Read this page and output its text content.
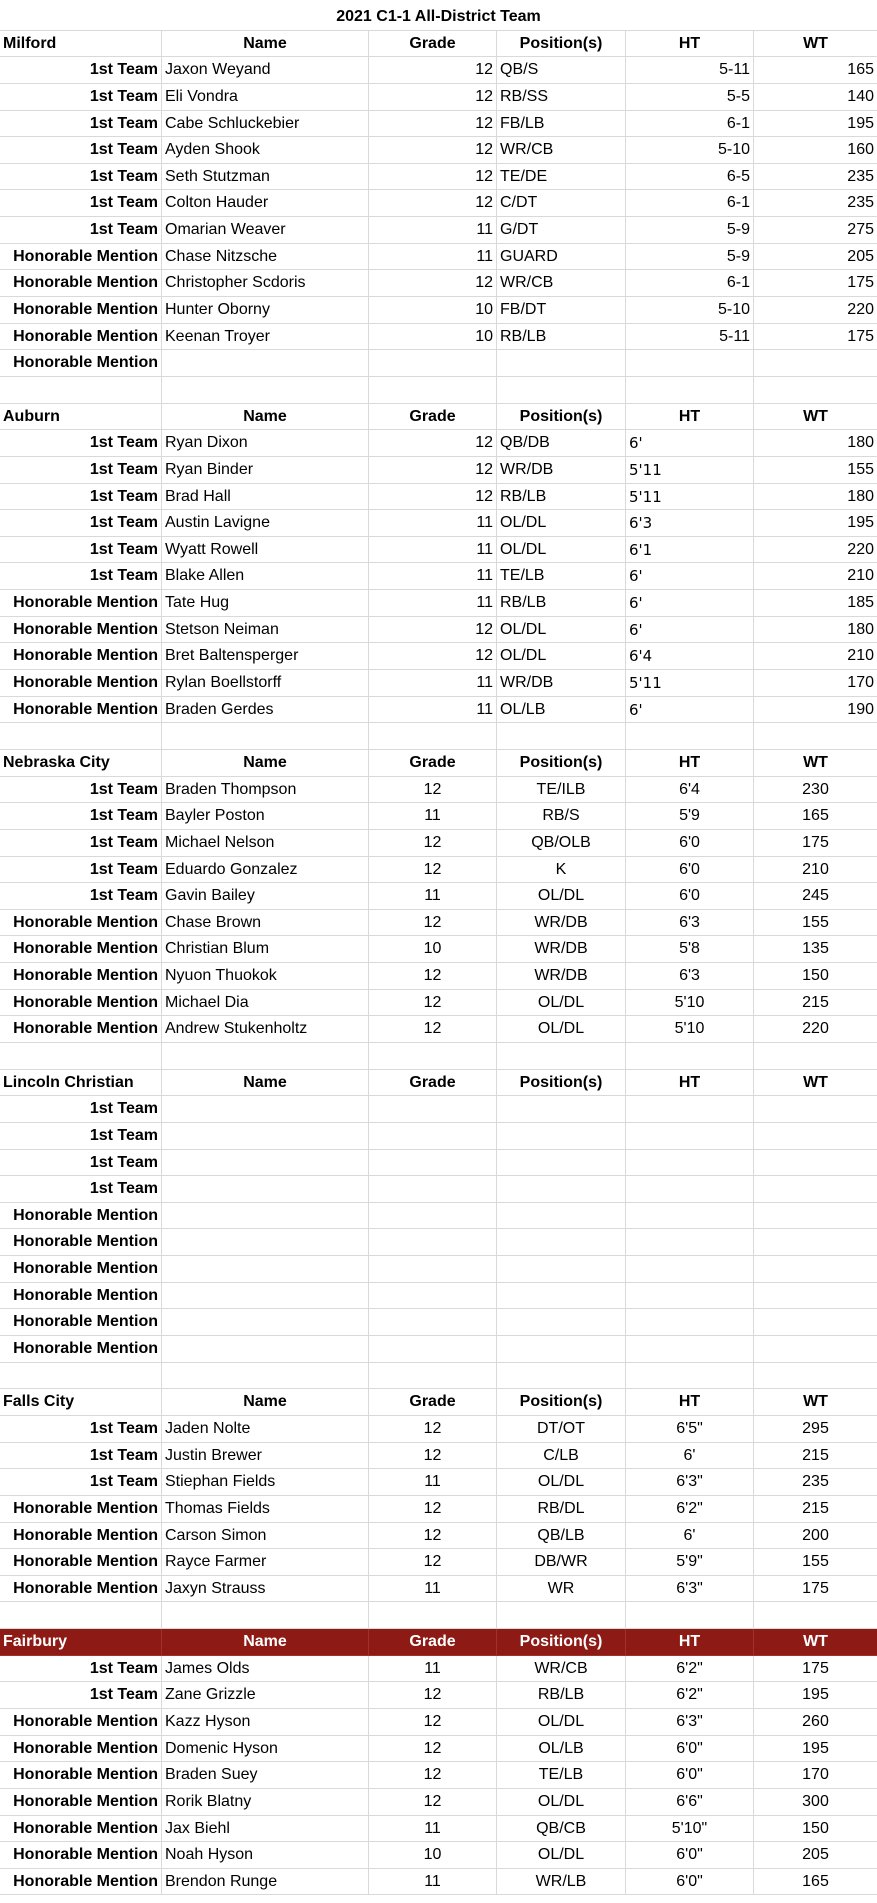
2021 C1-1 All-District Team
Milford	Name	Grade	Position(s)	HT	WT
1st Team Jaxon Weyand	12 QB/S	5-11	165
1st Team Eli Vondra	12 RB/SS	5-5	140
1st Team Cabe Schluckebier	12 FB/LB	6-1	195
1st Team Ayden Shook	12 WR/CB	5-10	160
1st Team Seth Stutzman	12 TE/DE	6-5	235
1st Team Colton Hauder	12 C/DT	6-1	235
1st Team Omarian Weaver	11 G/DT	5-9	275
Honorable Mention Chase Nitzsche	11 GUARD	5-9	205
Honorable Mention Christopher Scdoris	12 WR/CB	6-1	175
Honorable Mention Hunter Oborny	10 FB/DT	5-10	220
Honorable Mention Keenan Troyer	10 RB/LB	5-11	175
Honorable Mention
Auburn	Name	Grade	Position(s)	HT	WT
1st Team Ryan Dixon	12 QB/DB	6'	180
1st Team Ryan Binder	12 WR/DB	5'11	155
1st Team Brad Hall	12 RB/LB	5'11	180
1st Team Austin Lavigne	11 OL/DL	6'3	195
1st Team Wyatt Rowell	11 OL/DL	6'1	220
1st Team Blake Allen	11 TE/LB	6'	210
Honorable Mention Tate Hug	11 RB/LB	6'	185
Honorable Mention Stetson Neiman	12 OL/DL	6'	180
Honorable Mention Bret Baltensperger	12 OL/DL	6'4	210
Honorable Mention Rylan Boellstorff	11 WR/DB	5'11	170
Honorable Mention Braden Gerdes	11 OL/LB	6'	190
Nebraska City	Name	Grade	Position(s)	HT	WT
1st Team Braden Thompson	12	TE/ILB	6'4	230
1st Team Bayler Poston	11	RB/S	5'9	165
1st Team Michael Nelson	12	QB/OLB	6'0	175
1st Team Eduardo Gonzalez	12	K	6'0	210
1st Team Gavin Bailey	11	OL/DL	6'0	245
Honorable Mention Chase Brown	12	WR/DB	6'3	155
Honorable Mention Christian Blum	10	WR/DB	5'8	135
Honorable Mention Nyuon Thuokok	12	WR/DB	6'3	150
Honorable Mention Michael Dia	12	OL/DL	5'10	215
Honorable Mention Andrew Stukenholtz	12	OL/DL	5'10	220
Lincoln Christian	Name	Grade	Position(s)	HT	WT
1st Team
1st Team
1st Team
1st Team
Honorable Mention
Honorable Mention
Honorable Mention
Honorable Mention
Honorable Mention
Honorable Mention
Falls City	Name	Grade	Position(s)	HT	WT
1st Team Jaden Nolte	12	DT/OT	6'5"	295
1st Team Justin Brewer	12	C/LB	6'	215
1st Team Stiephan Fields	11	OL/DL	6'3"	235
Honorable Mention Thomas Fields	12	RB/DL	6'2"	215
Honorable Mention Carson Simon	12	QB/LB	6'	200
Honorable Mention Rayce Farmer	12	DB/WR	5'9"	155
Honorable Mention Jaxyn Strauss	11	WR	6'3"	175
Fairbury	Name	Grade	Position(s)	HT	WT
1st Team James Olds	11	WR/CB	6'2"	175
1st Team Zane Grizzle	12	RB/LB	6'2"	195
Honorable Mention Kazz Hyson	12	OL/DL	6'3"	260
Honorable Mention Domenic Hyson	12	OL/LB	6'0"	195
Honorable Mention Braden Suey	12	TE/LB	6'0"	170
Honorable Mention Rorik Blatny	12	OL/DL	6'6"	300
Honorable Mention Jax Biehl	11	QB/CB	5'10"	150
Honorable Mention Noah Hyson	10	OL/DL	6'0"	205
Honorable Mention Brendon Runge	11	WR/LB	6'0"	165
